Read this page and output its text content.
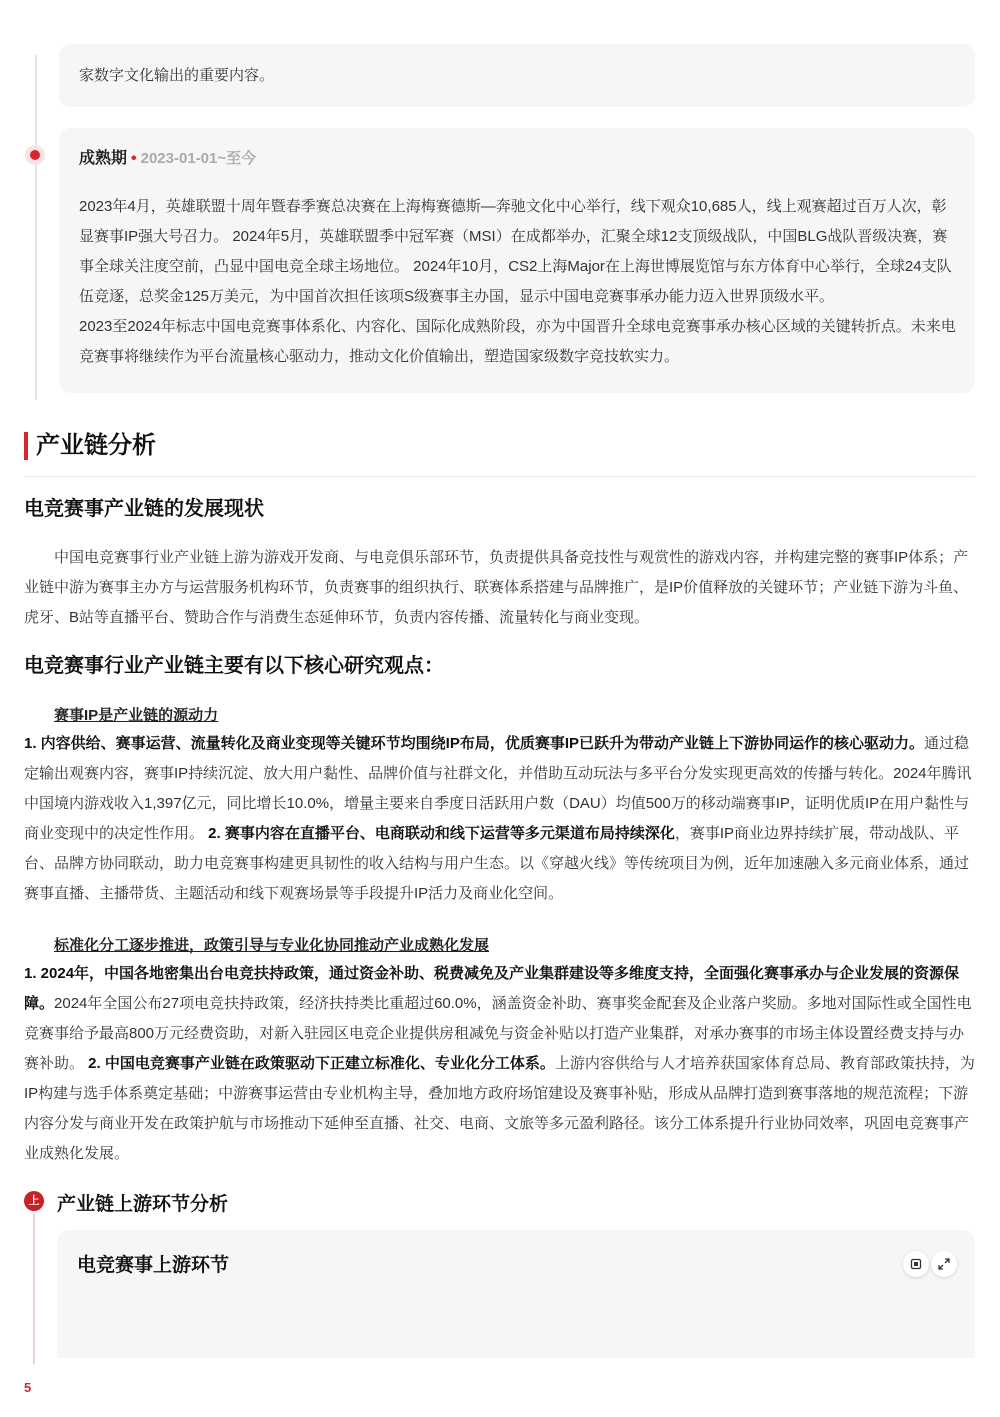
家数字文化输出的重要内容。

成熟期 • 2023-01-01~至今

2023年4月，英雄联盟十周年暨春季赛总决赛在上海梅赛德斯—奔驰文化中心举行，线下观众10,685人，线上观赛超过百万人次，彰显赛事IP强大号召力。 2024年5月，英雄联盟季中冠军赛（MSI）在成都举办，汇聚全球12支顶级战队，中国BLG战队晋级决赛，赛事全球关注度空前，凸显中国电竞全球主场地位。 2024年10月，CS2上海Major在上海世博展览馆与东方体育中心举行，全球24支队伍竞逐，总奖金125万美元，为中国首次担任该项S级赛事主办国，显示中国电竞赛事承办能力迈入世界顶级水平。

2023至2024年标志中国电竞赛事体系化、内容化、国际化成熟阶段，亦为中国晋升全球电竞赛事承办核心区域的关键转折点。未来电竞赛事将继续作为平台流量核心驱动力，推动文化价值输出，塑造国家级数字竞技软实力。

产业链分析
电竞赛事产业链的发展现状

中国电竞赛事行业产业链上游为游戏开发商、与电竞俱乐部环节，负责提供具备竞技性与观赏性的游戏内容，并构建完整的赛事IP体系；产业链中游为赛事主办方与运营服务机构环节，负责赛事的组织执行、联赛体系搭建与品牌推广，是IP价值释放的关键环节；产业链下游为斗鱼、虎牙、B站等直播平台、赞助合作与消费生态延伸环节，负责内容传播、流量转化与商业变现。

电竞赛事行业产业链主要有以下核心研究观点：
赛事IP是产业链的源动力

1. 内容供给、赛事运营、流量转化及商业变现等关键环节均围绕IP布局，优质赛事IP已跃升为带动产业链上下游协同运作的核心驱动力。通过稳定输出观赛内容，赛事IP持续沉淀、放大用户黏性、品牌价值与社群文化，并借助互动玩法与多平台分发实现更高效的传播与转化。2024年腾讯中国境内游戏收入1,397亿元，同比增长10.0%，增量主要来自季度日活跃用户数（DAU）均值500万的移动端赛事IP，证明优质IP在用户黏性与商业变现中的决定性作用。 2. 赛事内容在直播平台、电商联动和线下运营等多元渠道布局持续深化，赛事IP商业边界持续扩展，带动战队、平台、品牌方协同联动，助力电竞赛事构建更具韧性的收入结构与用户生态。以《穿越火线》等传统项目为例，近年加速融入多元商业体系，通过赛事直播、主播带货、主题活动和线下观赛场景等手段提升IP活力及商业化空间。

标准化分工逐步推进，政策引导与专业化协同推动产业成熟化发展

1. 2024年，中国各地密集出台电竞扶持政策，通过资金补助、税费减免及产业集群建设等多维度支持，全面强化赛事承办与企业发展的资源保障。2024年全国公布27项电竞扶持政策，经济扶持类比重超过60.0%，涵盖资金补助、赛事奖金配套及企业落户奖励。多地对国际性或全国性电竞赛事给予最高800万元经费资助，对新入驻园区电竞企业提供房租减免与资金补贴以打造产业集群，对承办赛事的市场主体设置经费支持与办赛补助。 2. 中国电竞赛事产业链在政策驱动下正建立标准化、专业化分工体系。上游内容供给与人才培养获国家体育总局、教育部政策扶持，为IP构建与选手体系奠定基础；中游赛事运营由专业机构主导，叠加地方政府场馆建设及赛事补贴，形成从品牌打造到赛事落地的规范流程；下游内容分发与商业开发在政策护航与市场推动下延伸至直播、社交、电商、文旅等多元盈利路径。该分工体系提升行业协同效率，巩固电竞赛事产业成熟化发展。

上 产业链上游环节分析
电竞赛事上游环节
5
